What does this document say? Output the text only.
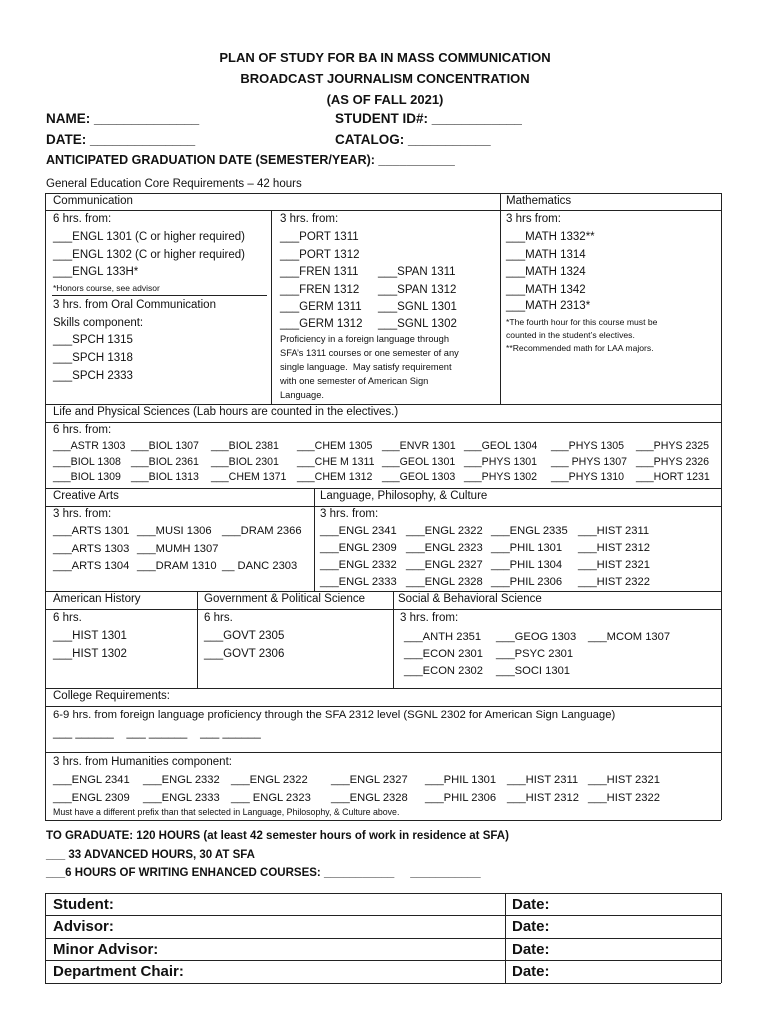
PLAN OF STUDY FOR BA IN MASS COMMUNICATION
BROADCAST JOURNALISM CONCENTRATION
(AS OF FALL 2021)
NAME: ______________	STUDENT ID#: ____________
DATE: ______________	CATALOG: ___________
ANTICIPATED GRADUATION DATE (SEMESTER/YEAR): ___________
General Education Core Requirements – 42 hours
Communication
6 hrs. from:
___ENGL 1301 (C or higher required)
___ENGL 1302 (C or higher required)
___ENGL 133H*
*Honors course, see advisor
3 hrs. from Oral Communication
Skills component:
___SPCH 1315
___SPCH 1318
___SPCH 2333
3 hrs. from:
___PORT 1311
___PORT 1312
___FREN 1311 ___SPAN 1311
___FREN 1312 ___SPAN 1312
___GERM 1311 ___SGNL 1301
___GERM 1312 ___SGNL 1302
Proficiency in a foreign language through
SFA’s 1311 courses or one semester of any
single language.  May satisfy requirement
with one semester of American Sign
Language.
Mathematics
3 hrs from:
___MATH 1332**
___MATH 1314
___MATH 1324
___MATH 1342
___MATH 2313*
*The fourth hour for this course must be
counted in the student’s electives.
**Recommended math for LAA majors.
Life and Physical Sciences (Lab hours are counted in the electives.)
6 hrs. from:
___ASTR 1303 ___BIOL 1307 ___BIOL 2381 ___CHEM 1305 ___ENVR 1301 ___GEOL 1304 ___PHYS 1305 ___PHYS 2325
___BIOL 1308 ___BIOL 2361 ___BIOL 2301 ___CHE M 1311 ___GEOL 1301 ___PHYS 1301 ___ PHYS 1307 ___PHYS 2326
___BIOL 1309 ___BIOL 1313 ___CHEM 1371 ___CHEM 1312 ___GEOL 1303 ___PHYS 1302 ___PHYS 1310 ___HORT 1231
Creative Arts
3 hrs. from:
___ARTS 1301 ___MUSI 1306 ___DRAM 2366
___ARTS 1303 ___MUMH 1307
___ARTS 1304 ___DRAM 1310 __ DANC 2303
Language, Philosophy, & Culture
3 hrs. from:
___ENGL 2341 ___ENGL 2322 ___ENGL 2335 ___HIST 2311
___ENGL 2309 ___ENGL 2323 ___PHIL 1301 ___HIST 2312
___ENGL 2332 ___ENGL 2327 ___PHIL 1304 ___HIST 2321
___ENGL 2333 ___ENGL 2328 ___PHIL 2306 ___HIST 2322
American History
6 hrs.
___HIST 1301
___HIST 1302
Government & Political Science
6 hrs.
___GOVT 2305
___GOVT 2306
Social & Behavioral Science
3 hrs. from:
___ANTH 2351 ___GEOG 1303 ___MCOM 1307
___ECON 2301 ___PSYC 2301
___ECON 2302 ___SOCI 1301
College Requirements:
6-9 hrs. from foreign language proficiency through the SFA 2312 level (SGNL 2302 for American Sign Language)
___ ______    ___ ______    ___ ______
3 hrs. from Humanities component:
___ENGL 2341 ___ENGL 2332 ___ENGL 2322 ___ENGL 2327 ___PHIL 1301 ___HIST 2311 ___HIST 2321
___ENGL 2309 ___ENGL 2333 ___ ENGL 2323 ___ENGL 2328 ___PHIL 2306 ___HIST 2312 ___HIST 2322
Must have a different prefix than that selected in Language, Philosophy, & Culture above.
TO GRADUATE: 120 HOURS (at least 42 semester hours of work in residence at SFA)
___ 33 ADVANCED HOURS, 30 AT SFA
___6 HOURS OF WRITING ENHANCED COURSES: ___________     ___________
Student:	Date:
Advisor:	Date:
Minor Advisor:	Date:
Department Chair:	Date:
